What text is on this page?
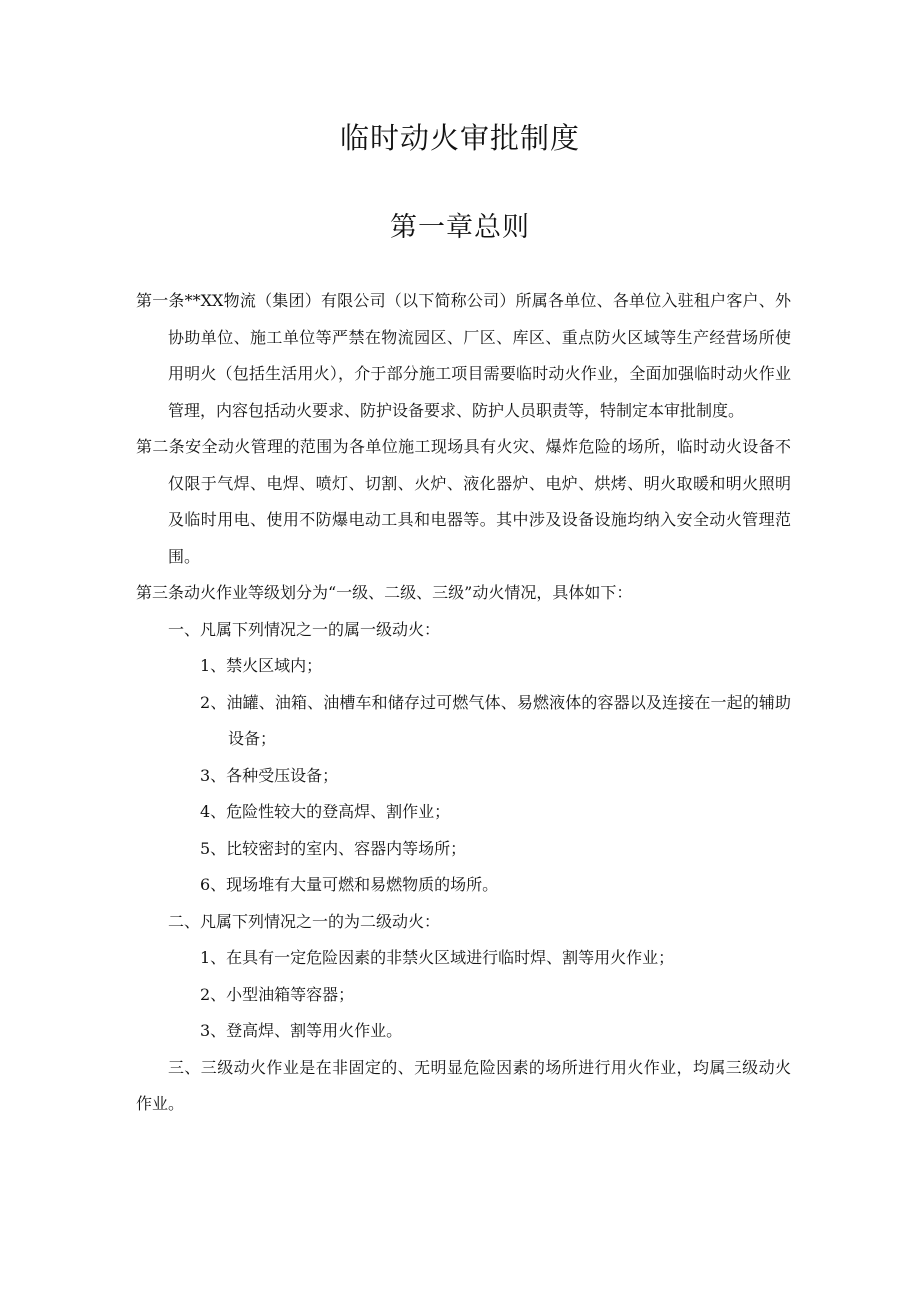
临时动火审批制度
第一章总则

第一条**XX物流（集团）有限公司（以下简称公司）所属各单位、各单位入驻租户客户、外协助单位、施工单位等严禁在物流园区、厂区、库区、重点防火区域等生产经营场所使用明火（包括生活用火），介于部分施工项目需要临时动火作业，全面加强临时动火作业管理，内容包括动火要求、防护设备要求、防护人员职责等，特制定本审批制度。

第二条安全动火管理的范围为各单位施工现场具有火灾、爆炸危险的场所，临时动火设备不仅限于气焊、电焊、喷灯、切割、火炉、液化器炉、电炉、烘烤、明火取暖和明火照明及临时用电、使用不防爆电动工具和电器等。其中涉及设备设施均纳入安全动火管理范围。

第三条动火作业等级划分为“一级、二级、三级”动火情况，具体如下：

一、凡属下列情况之一的属一级动火：

1、禁火区域内；

2、油罐、油箱、油槽车和储存过可燃气体、易燃液体的容器以及连接在一起的辅助设备；

3、各种受压设备；

4、危险性较大的登高焊、割作业；

5、比较密封的室内、容器内等场所；

6、现场堆有大量可燃和易燃物质的场所。

二、凡属下列情况之一的为二级动火：

1、在具有一定危险因素的非禁火区域进行临时焊、割等用火作业；

2、小型油箱等容器；

3、登高焊、割等用火作业。

三、三级动火作业是在非固定的、无明显危险因素的场所进行用火作业，均属三级动火作业。
